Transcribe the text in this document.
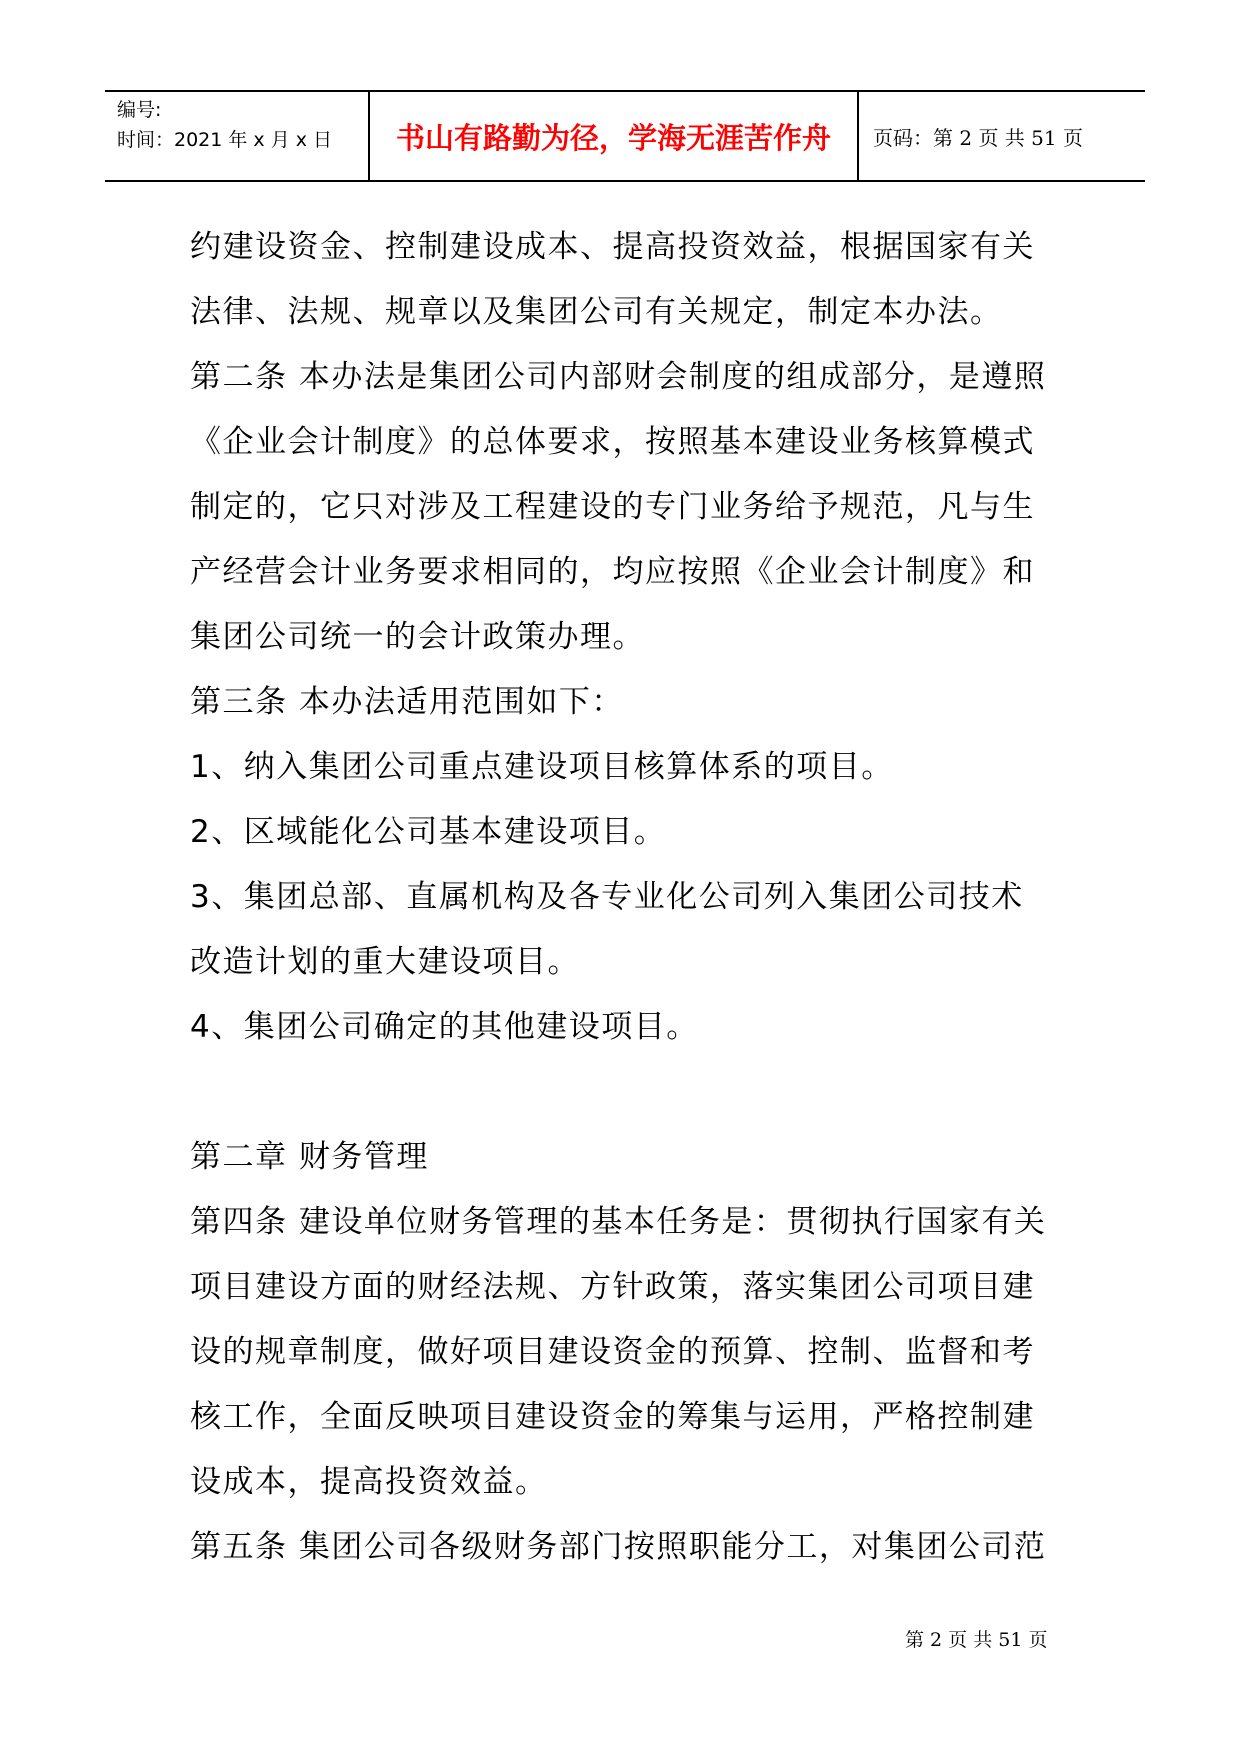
编号:
时间：2021 年 x 月 x 日	书山有路勤为径，学海无涯苦作舟	页码：第 2 页 共 51 页
约建设资金、控制建设成本、提高投资效益，根据国家有关
法律、法规、规章以及集团公司有关规定，制定本办法。
第二条 本办法是集团公司内部财会制度的组成部分，是遵照
《企业会计制度》的总体要求，按照基本建设业务核算模式
制定的，它只对涉及工程建设的专门业务给予规范，凡与生
产经营会计业务要求相同的，均应按照《企业会计制度》和
集团公司统一的会计政策办理。
第三条 本办法适用范围如下：
1、纳入集团公司重点建设项目核算体系的项目。
2、区域能化公司基本建设项目。
3、集团总部、直属机构及各专业化公司列入集团公司技术
改造计划的重大建设项目。
4、集团公司确定的其他建设项目。
第二章 财务管理
第四条 建设单位财务管理的基本任务是：贯彻执行国家有关
项目建设方面的财经法规、方针政策，落实集团公司项目建
设的规章制度，做好项目建设资金的预算、控制、监督和考
核工作，全面反映项目建设资金的筹集与运用，严格控制建
设成本，提高投资效益。
第五条 集团公司各级财务部门按照职能分工，对集团公司范
第 2 页 共 51 页
